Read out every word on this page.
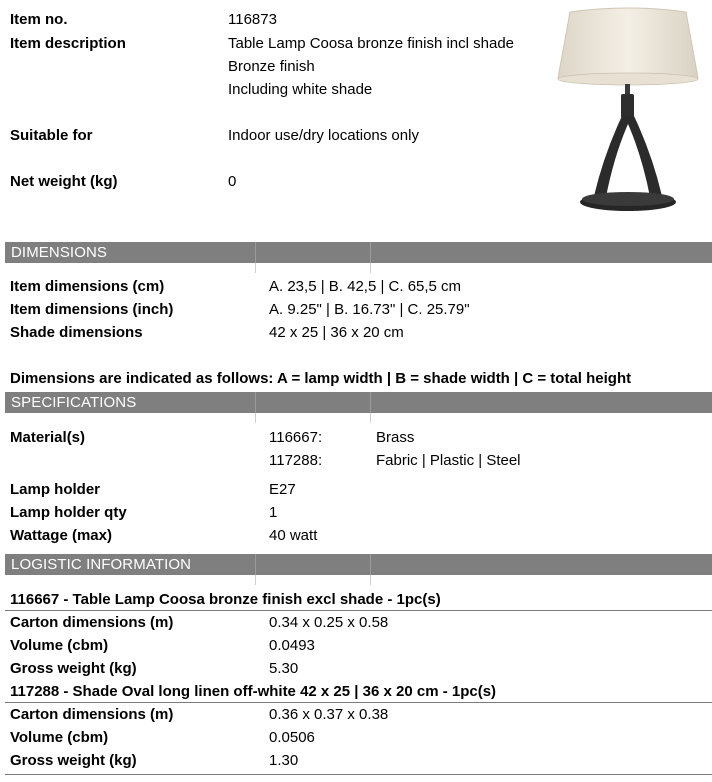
Item no.	116873
Item description	Table Lamp Coosa bronze finish incl shade
Bronze finish
Including white shade
Suitable for	Indoor use/dry locations only
Net weight (kg)	0
DIMENSIONS
Item dimensions (cm)	A. 23,5 | B. 42,5 | C. 65,5 cm
Item dimensions (inch)	A. 9.25" | B. 16.73" | C. 25.79"
Shade dimensions	42 x 25 | 36 x 20 cm
Dimensions are indicated as follows: A = lamp width | B = shade width | C = total height
SPECIFICATIONS
Material(s)	116667:	Brass
117288:	Fabric | Plastic | Steel
Lamp holder	E27
Lamp holder qty	1
Wattage (max)	40 watt
LOGISTIC INFORMATION
116667 - Table Lamp Coosa bronze finish excl shade - 1pc(s)
Carton dimensions (m)	0.34 x 0.25 x 0.58
Volume (cbm)	0.0493
Gross weight (kg)	5.30
117288 - Shade Oval long linen off-white 42 x 25 | 36 x 20 cm - 1pc(s)
Carton dimensions (m)	0.36 x 0.37 x 0.38
Volume (cbm)	0.0506
Gross weight (kg)	1.30
